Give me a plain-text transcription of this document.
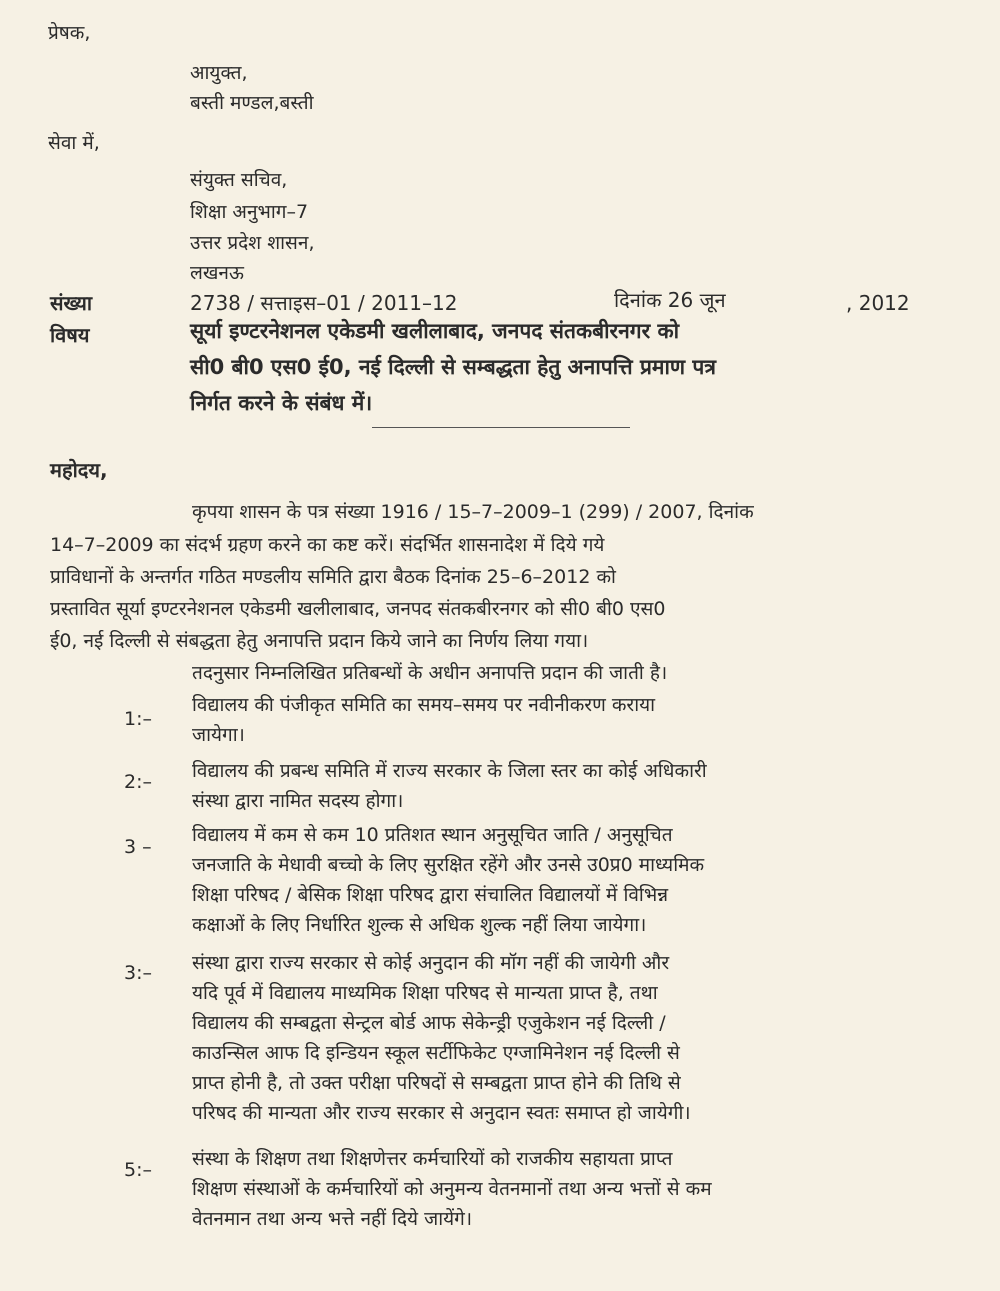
प्रेषक,
आयुक्त,
बस्ती मण्डल,बस्ती
सेवा में,
संयुक्त सचिव,
शिक्षा अनुभाग–7
उत्तर प्रदेश शासन,
लखनऊ
संख्या	2738 / सत्ताइस–01 / 2011–12	दिनांक 26 जून	, 2012
विषय	सूर्या इण्टरनेशनल एकेडमी खलीलाबाद, जनपद संतकबीरनगर को
सी0 बी0 एस0 ई0, नई दिल्ली से सम्बद्धता हेतु अनापत्ति प्रमाण पत्र
निर्गत करने के संबंध में।
महोदय,
कृपया शासन के पत्र संख्या 1916 / 15–7–2009–1 (299) / 2007, दिनांक
14–7–2009 का संदर्भ ग्रहण करने का कष्ट करें। संदर्भित शासनादेश में दिये गये
प्राविधानों के अन्तर्गत गठित मण्डलीय समिति द्वारा बैठक दिनांक 25–6–2012 को
प्रस्तावित सूर्या इण्टरनेशनल एकेडमी खलीलाबाद, जनपद संतकबीरनगर को सी0 बी0 एस0
ई0, नई दिल्ली से संबद्धता हेतु अनापत्ति प्रदान किये जाने का निर्णय लिया गया।
तदनुसार निम्नलिखित प्रतिबन्धों के अधीन अनापत्ति प्रदान की जाती है।
1:–
विद्यालय की पंजीकृत समिति का समय–समय पर नवीनीकरण कराया
जायेगा।
2:– विद्यालय की प्रबन्ध समिति में राज्य सरकार के जिला स्तर का कोई अधिकारी
संस्था द्वारा नामित सदस्य होगा।
3 –
विद्यालय में कम से कम 10 प्रतिशत स्थान अनुसूचित जाति / अनुसूचित
जनजाति के मेधावी बच्चो के लिए सुरक्षित रहेंगे और उनसे उ0प्र0 माध्यमिक
शिक्षा परिषद / बेसिक शिक्षा परिषद द्वारा संचालित विद्यालयों में विभिन्न
कक्षाओं के लिए निर्धारित शुल्क से अधिक शुल्क नहीं लिया जायेगा।
3:– संस्था द्वारा राज्य सरकार से कोई अनुदान की मॉग नहीं की जायेगी और
यदि पूर्व में विद्यालय माध्यमिक शिक्षा परिषद से मान्यता प्राप्त है, तथा
विद्यालय की सम्बद्वता सेन्ट्रल बोर्ड आफ सेकेन्ड्री एजुकेशन नई दिल्ली /
काउन्सिल आफ दि इन्डियन स्कूल सर्टीफिकेट एग्जामिनेशन नई दिल्ली से
प्राप्त होनी है, तो उक्त परीक्षा परिषदों से सम्बद्वता प्राप्त होने की तिथि से
परिषद की मान्यता और राज्य सरकार से अनुदान स्वतः समाप्त हो जायेगी।
5:– संस्था के शिक्षण तथा शिक्षणेत्तर कर्मचारियों को राजकीय सहायता प्राप्त
शिक्षण संस्थाओं के कर्मचारियों को अनुमन्य वेतनमानों तथा अन्य भत्तों से कम
वेतनमान तथा अन्य भत्ते नहीं दिये जायेंगे।
